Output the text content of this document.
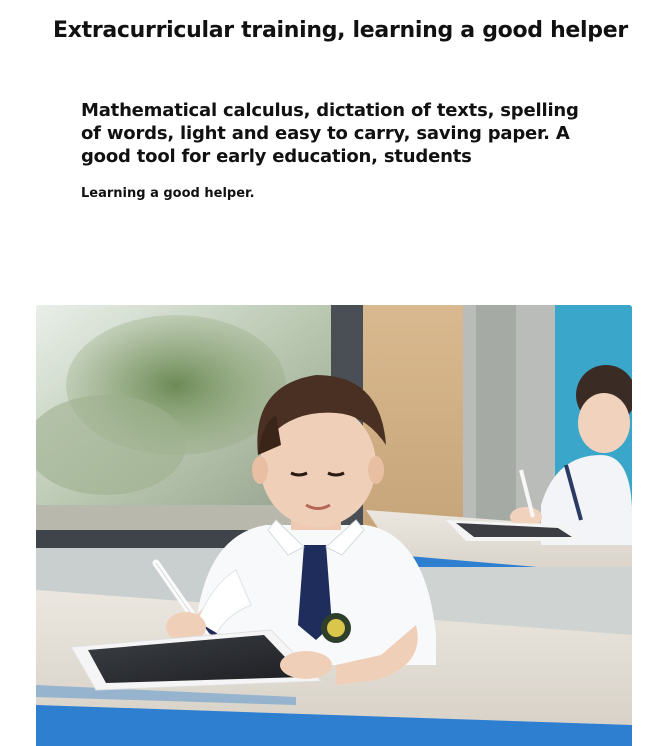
Extracurricular training, learning a good helper
Mathematical calculus, dictation of texts, spelling of words, light and easy to carry, saving paper. A good tool for early education, students
Learning a good helper.
